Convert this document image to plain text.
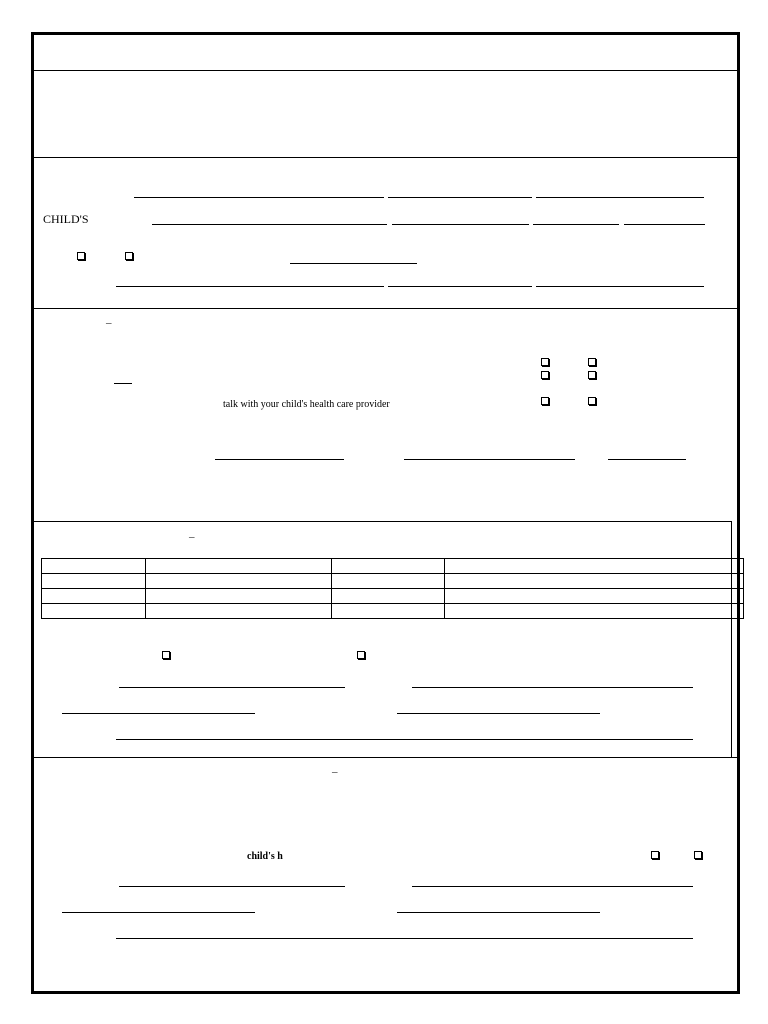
CHILD'S
–
talk with your child's health care provider
–

–
child's h
